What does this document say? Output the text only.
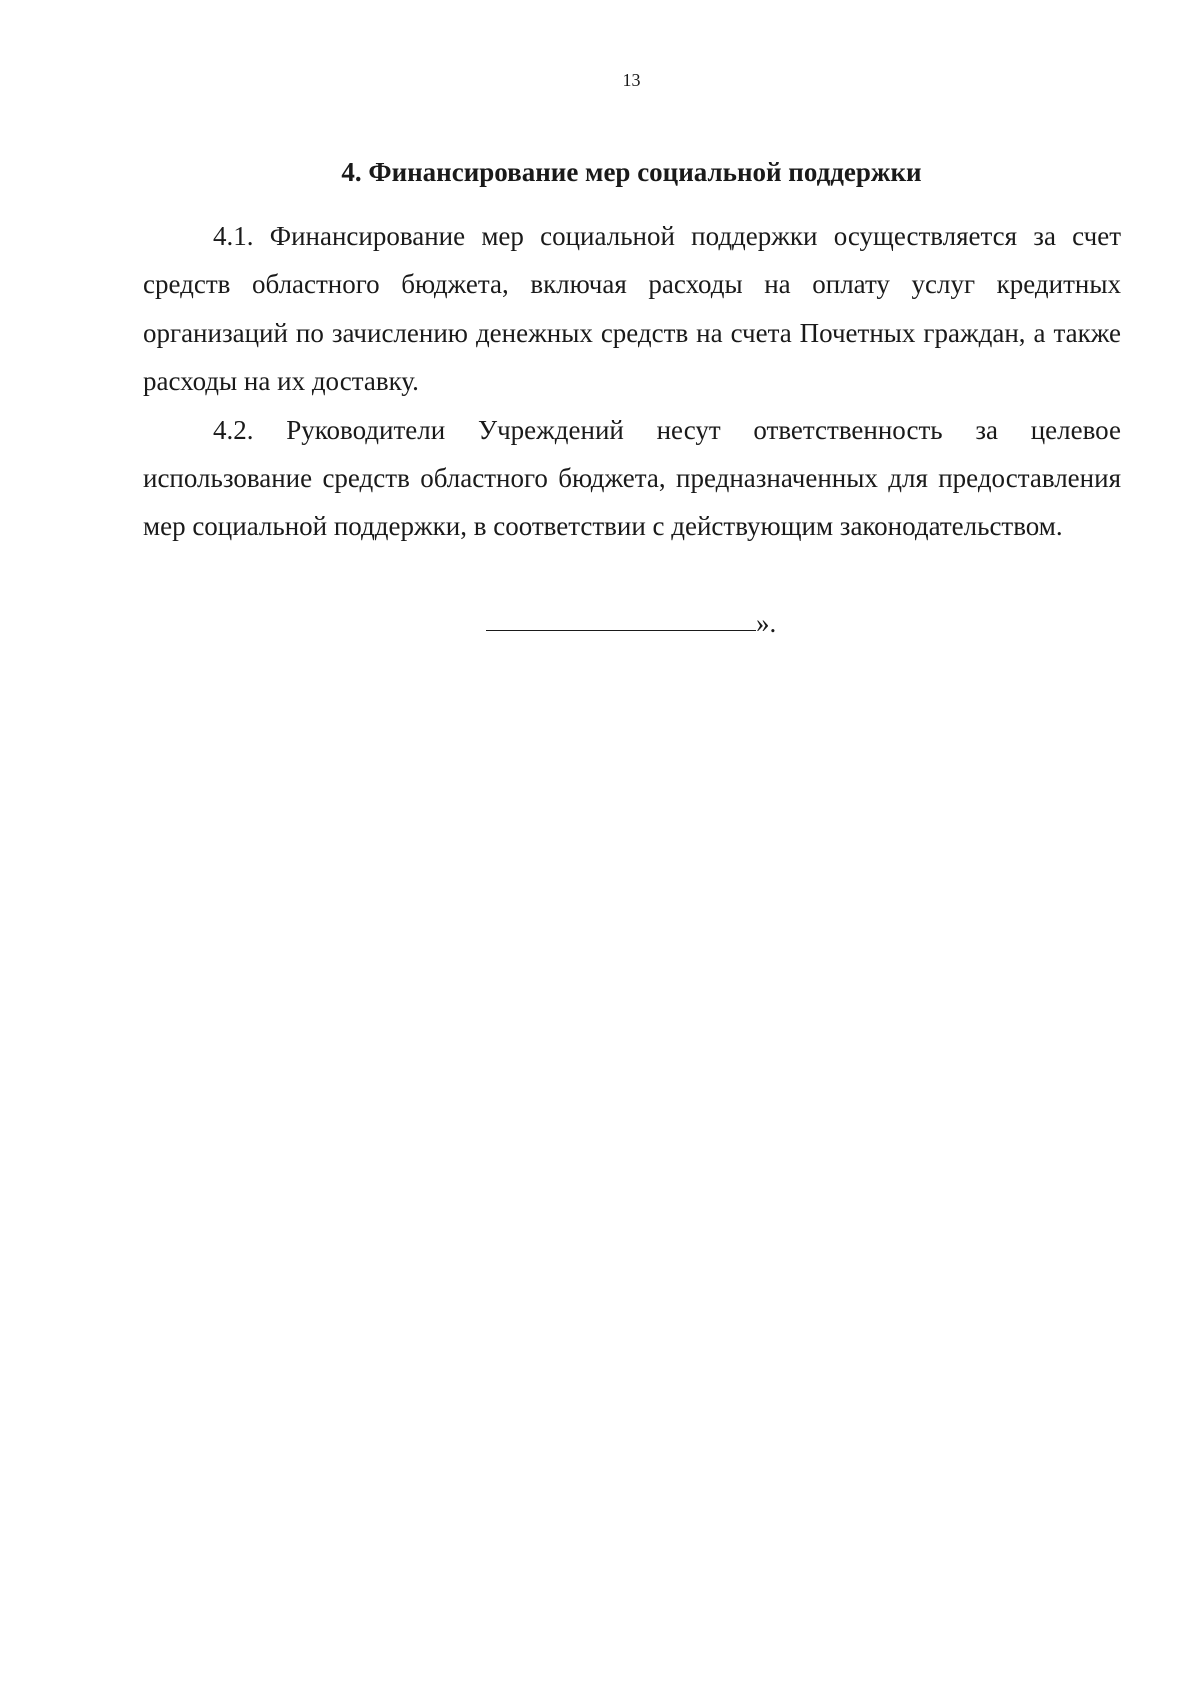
13
4. Финансирование мер социальной поддержки

4.1. Финансирование мер социальной поддержки осуществляется за счет средств областного бюджета, включая расходы на оплату услуг кредитных организаций по зачислению денежных средств на счета Почетных граждан, а также расходы на их доставку.

4.2. Руководители Учреждений несут ответственность за целевое использование средств областного бюджета, предназначенных для предоставления мер социальной поддержки, в соответствии с действующим законодательством.

».
